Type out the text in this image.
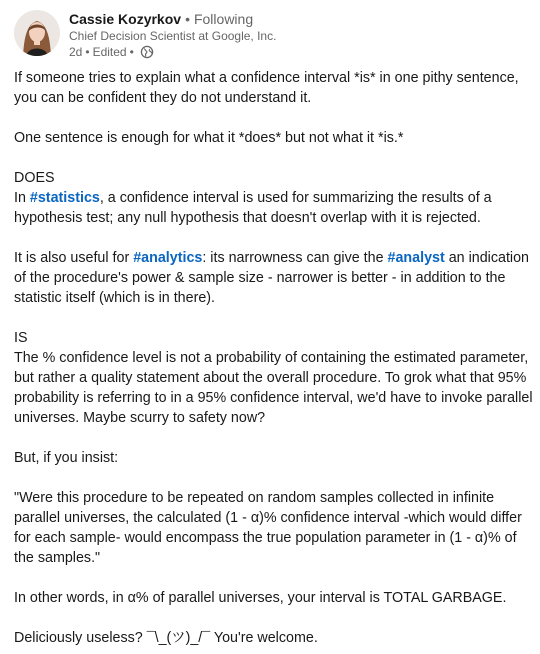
Cassie Kozyrkov • Following
Chief Decision Scientist at Google, Inc.
2d • Edited •

If someone tries to explain what a confidence interval *is* in one pithy sentence, you can be confident they do not understand it.

One sentence is enough for what it *does* but not what it *is.*

DOES

In #statistics, a confidence interval is used for summarizing the results of a hypothesis test; any null hypothesis that doesn't overlap with it is rejected.

It is also useful for #analytics: its narrowness can give the #analyst an indication of the procedure's power & sample size - narrower is better - in addition to the statistic itself (which is in there).

IS

The % confidence level is not a probability of containing the estimated parameter, but rather a quality statement about the overall procedure. To grok what that 95% probability is referring to in a 95% confidence interval, we'd have to invoke parallel universes. Maybe scurry to safety now?

But, if you insist:

"Were this procedure to be repeated on random samples collected in infinite parallel universes, the calculated (1 - α)% confidence interval -which would differ for each sample- would encompass the true population parameter in (1 - α)% of the samples."

In other words, in α% of parallel universes, your interval is TOTAL GARBAGE.

Deliciously useless? ¯\_(ツ)_/¯ You're welcome.
